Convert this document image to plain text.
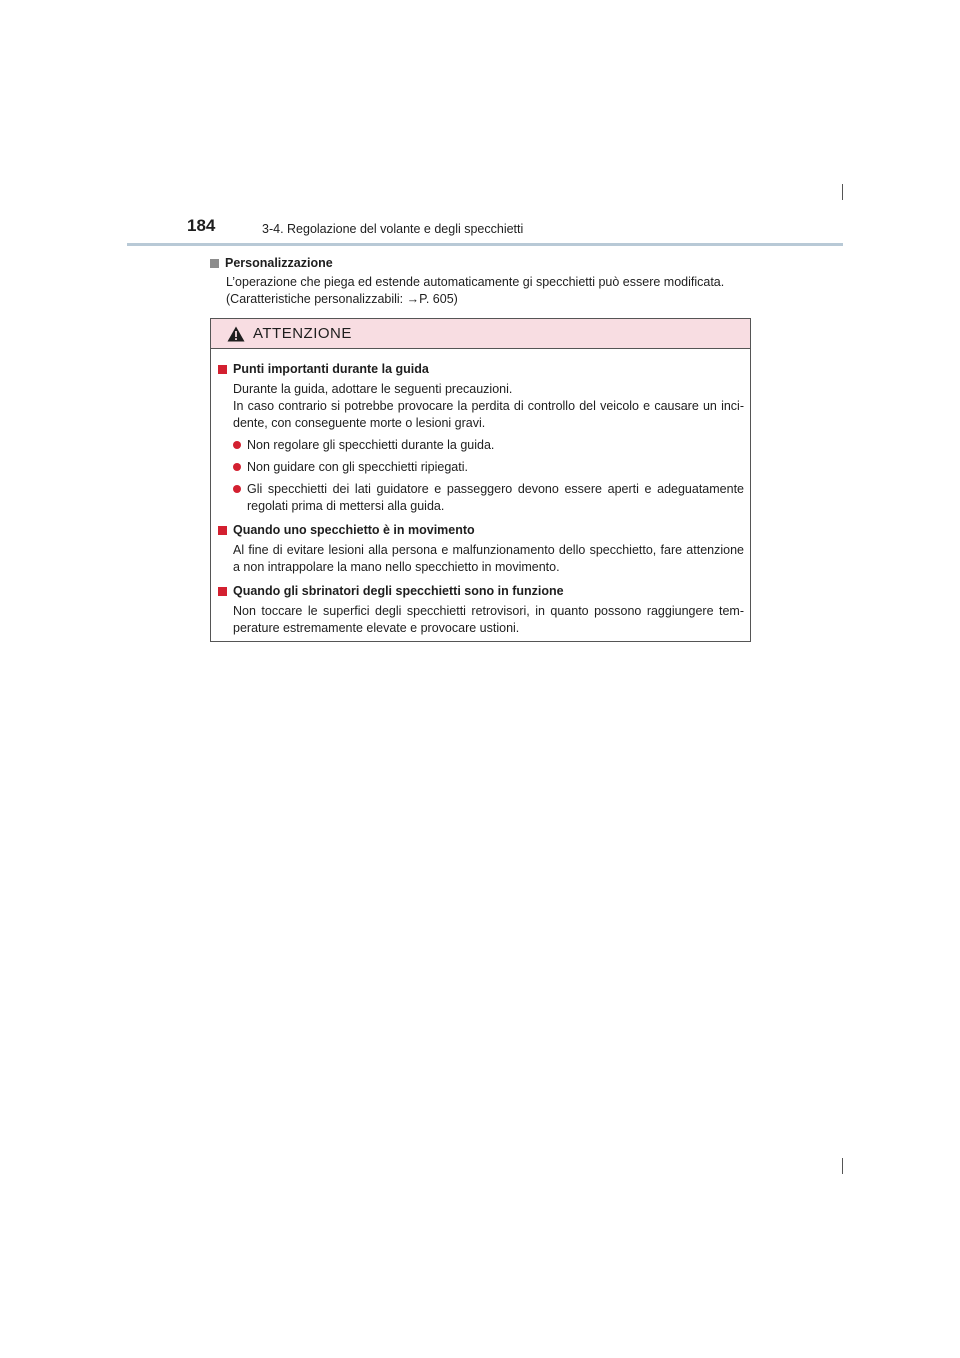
184	3-4. Regolazione del volante e degli specchietti
Personalizzazione

L’operazione che piega ed estende automaticamente gi specchietti può essere modificata.

(Caratteristiche personalizzabili: →P. 605)

ATTENZIONE
Punti importanti durante la guida

Durante la guida, adottare le seguenti precauzioni.

In caso contrario si potrebbe provocare la perdita di controllo del veicolo e causare un inci-dente, con conseguente morte o lesioni gravi.

Non regolare gli specchietti durante la guida.
Non guidare con gli specchietti ripiegati.
Gli specchietti dei lati guidatore e passeggero devono essere aperti e adeguatamente regolati prima di mettersi alla guida.
Quando uno specchietto è in movimento

Al fine di evitare lesioni alla persona e malfunzionamento dello specchietto, fare attenzione a non intrappolare la mano nello specchietto in movimento.

Quando gli sbrinatori degli specchietti sono in funzione

Non toccare le superfici degli specchietti retrovisori, in quanto possono raggiungere tem-perature estremamente elevate e provocare ustioni.
